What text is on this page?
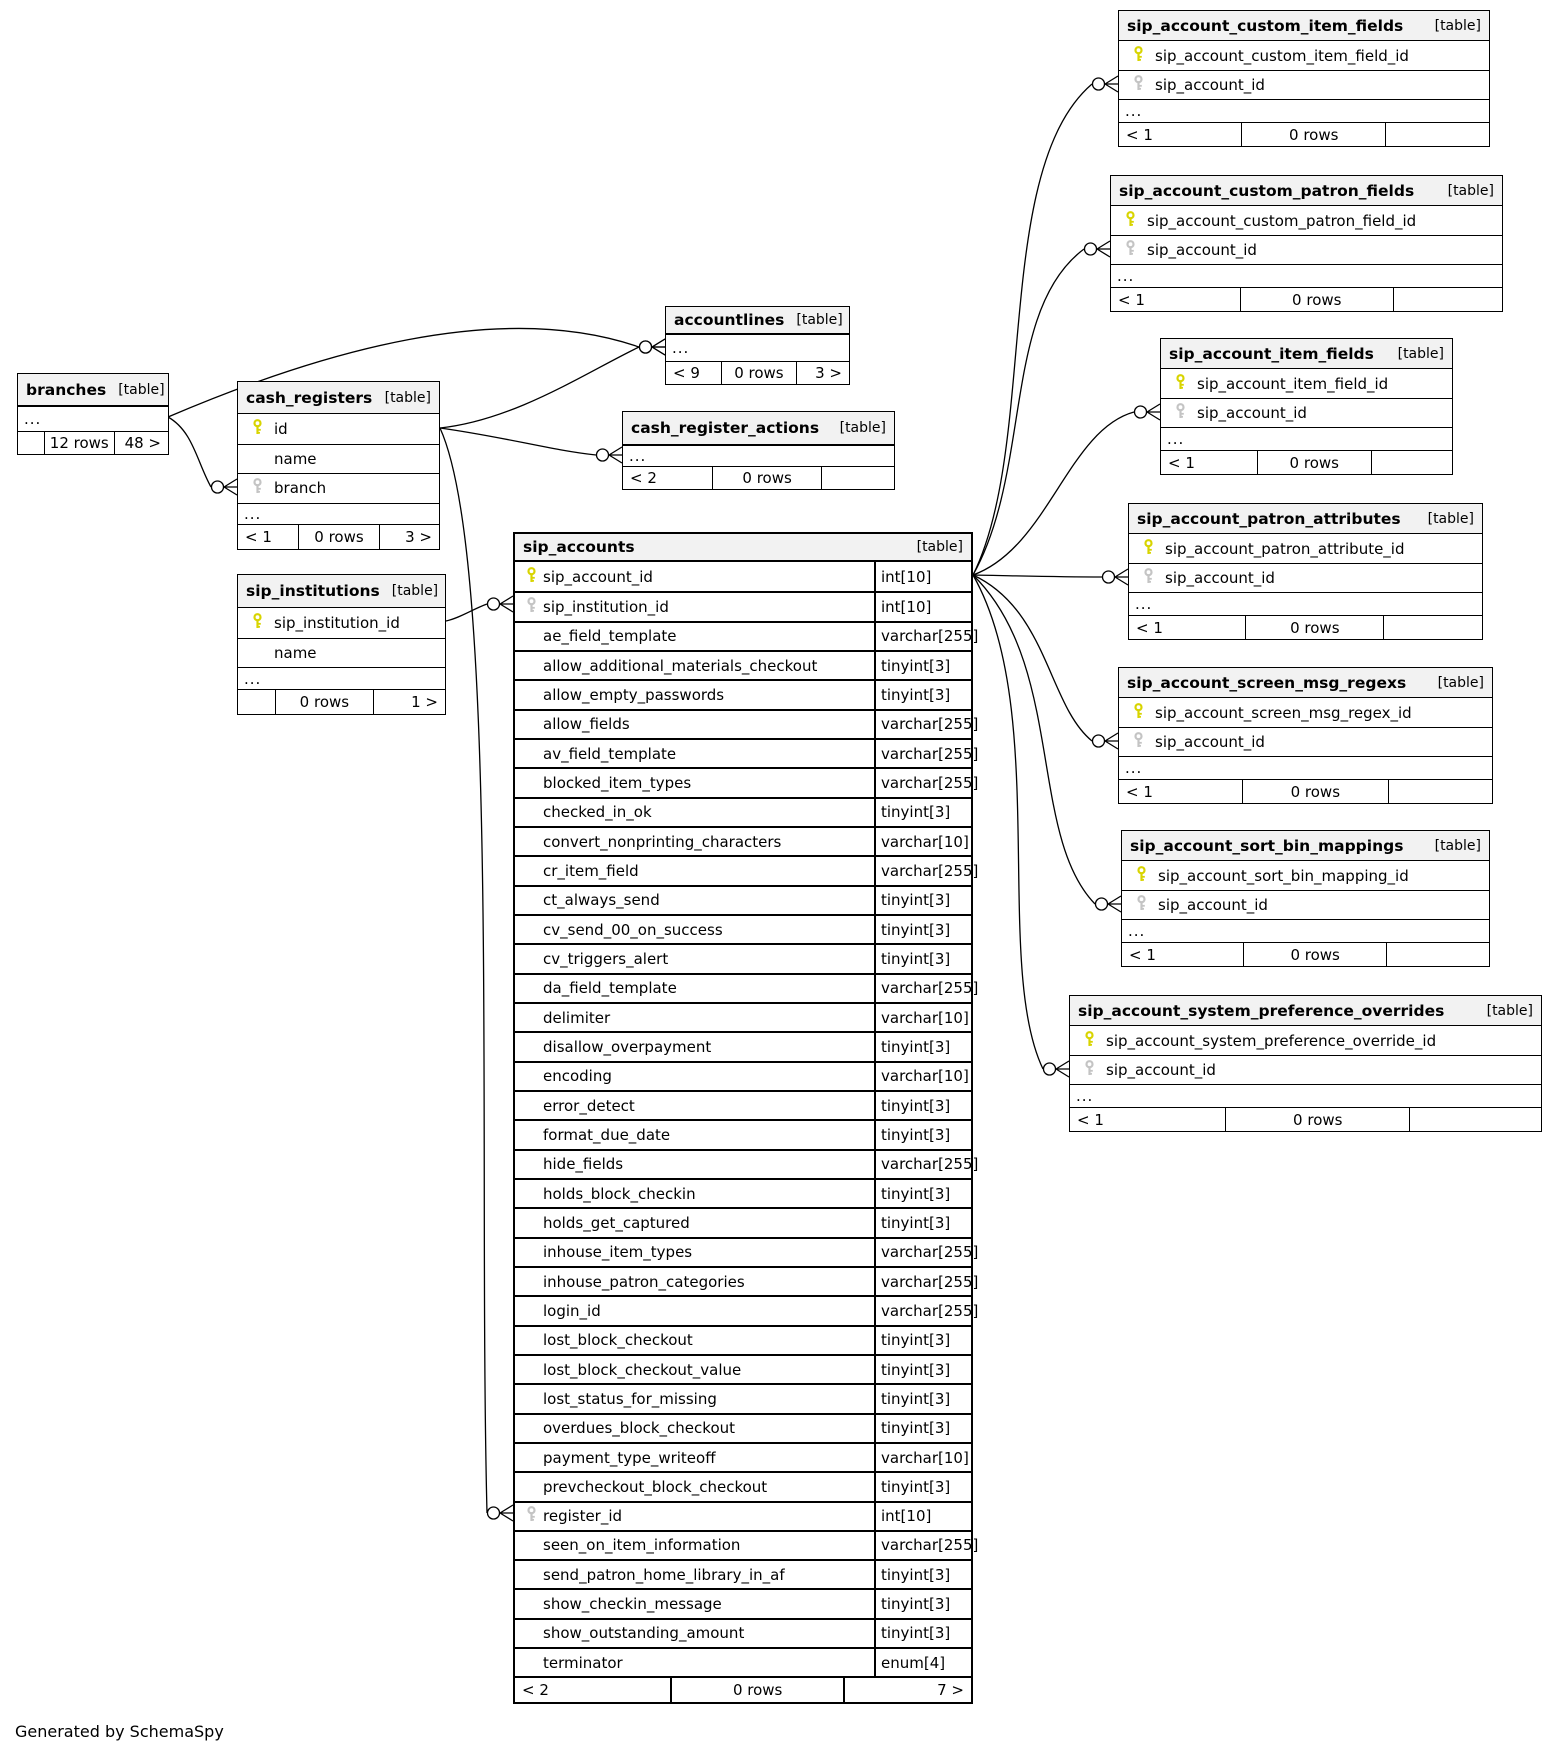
branches [table]
...
12 rows	48 >
cash_registers [table]
id
name
branch
...
< 1	0 rows	3 >
sip_institutions [table]
sip_institution_id
name
...
0 rows	1 >
accountlines [table]
...
< 9	0 rows	3 >
cash_register_actions [table]
...
< 2	0 rows
sip_accounts	[table]
sip_account_id	int[10]
sip_institution_id	int[10]
ae_field_template	varchar[255]
allow_additional_materials_checkout	tinyint[3]
allow_empty_passwords	tinyint[3]
allow_fields	varchar[255]
av_field_template	varchar[255]
blocked_item_types	varchar[255]
checked_in_ok	tinyint[3]
convert_nonprinting_characters	varchar[10]
cr_item_field	varchar[255]
ct_always_send	tinyint[3]
cv_send_00_on_success	tinyint[3]
cv_triggers_alert	tinyint[3]
da_field_template	varchar[255]
delimiter	varchar[10]
disallow_overpayment	tinyint[3]
encoding	varchar[10]
error_detect	tinyint[3]
format_due_date	tinyint[3]
hide_fields	varchar[255]
holds_block_checkin	tinyint[3]
holds_get_captured	tinyint[3]
inhouse_item_types	varchar[255]
inhouse_patron_categories	varchar[255]
login_id	varchar[255]
lost_block_checkout	tinyint[3]
lost_block_checkout_value	tinyint[3]
lost_status_for_missing	tinyint[3]
overdues_block_checkout	tinyint[3]
payment_type_writeoff	varchar[10]
prevcheckout_block_checkout	tinyint[3]
register_id	int[10]
seen_on_item_information	varchar[255]
send_patron_home_library_in_af	tinyint[3]
show_checkin_message	tinyint[3]
show_outstanding_amount	tinyint[3]
terminator	enum[4]
< 2	0 rows	7 >
sip_account_custom_item_fields [table]
sip_account_custom_item_field_id
sip_account_id
...
< 1	0 rows
sip_account_custom_patron_fields [table]
sip_account_custom_patron_field_id
sip_account_id
...
< 1	0 rows
sip_account_item_fields [table]
sip_account_item_field_id
sip_account_id
...
< 1	0 rows
sip_account_patron_attributes [table]
sip_account_patron_attribute_id
sip_account_id
...
< 1	0 rows
sip_account_screen_msg_regexs [table]
sip_account_screen_msg_regex_id
sip_account_id
...
< 1	0 rows
sip_account_sort_bin_mappings [table]
sip_account_sort_bin_mapping_id
sip_account_id
...
< 1	0 rows
sip_account_system_preference_overrides	[table]
sip_account_system_preference_override_id
sip_account_id
...
< 1	0 rows
Generated by SchemaSpy
